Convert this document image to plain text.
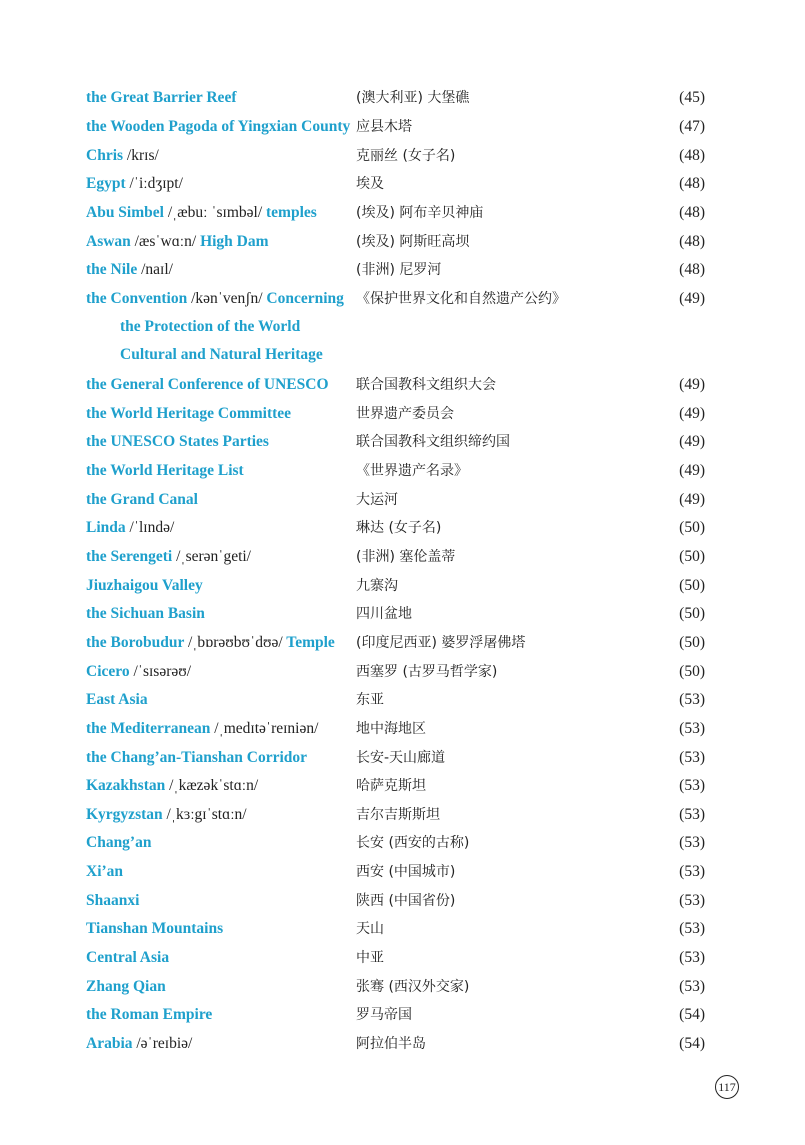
the Great Barrier Reef	(澳大利亚) 大堡礁	(45)
the Wooden Pagoda of Yingxian County 应县木塔	(47)
Chris /krɪs/	克丽丝 (女子名)	(48)
Egypt /ˈiːdʒɪpt/	埃及	(48)
Abu Simbel /ˌæbuː ˈsɪmbəl/ temples	(埃及) 阿布辛贝神庙	(48)
Aswan /æsˈwɑːn/ High Dam	(埃及) 阿斯旺高坝	(48)
the Nile /naɪl/	(非洲) 尼罗河	(48)
the Convention /kənˈvenʃn/ Concerning
the Protection of the World
Cultural and Natural Heritage
《保护世界文化和自然遗产公约》	(49)
the General Conference of UNESCO 联合国教科文组织大会	(49)
the World Heritage Committee	世界遗产委员会	(49)
the UNESCO States Parties	联合国教科文组织缔约国	(49)
the World Heritage List	《世界遗产名录》	(49)
the Grand Canal	大运河	(49)
Linda /ˈlɪndə/	琳达 (女子名)	(50)
the Serengeti /ˌserənˈgeti/	(非洲) 塞伦盖蒂	(50)
Jiuzhaigou Valley	九寨沟	(50)
the Sichuan Basin	四川盆地	(50)
the Borobudur /ˌbɒrəʊbʊˈdʊə/ Temple (印度尼西亚) 婆罗浮屠佛塔	(50)
Cicero /ˈsɪsərəʊ/	西塞罗 (古罗马哲学家)	(50)
East Asia	东亚	(53)
the Mediterranean /ˌmedɪtəˈreɪniən/	地中海地区	(53)
the Chang’an-Tianshan Corridor	长安-天山廊道	(53)
Kazakhstan /ˌkæzəkˈstɑːn/	哈萨克斯坦	(53)
Kyrgyzstan /ˌkɜːgɪˈstɑːn/	吉尔吉斯斯坦	(53)
Chang’an	长安 (西安的古称)	(53)
Xi’an	西安 (中国城市)	(53)
Shaanxi	陕西 (中国省份)	(53)
Tianshan Mountains	天山	(53)
Central Asia	中亚	(53)
Zhang Qian	张骞 (西汉外交家)	(53)
the Roman Empire	罗马帝国	(54)
Arabia /əˈreɪbiə/	阿拉伯半岛	(54)
117
